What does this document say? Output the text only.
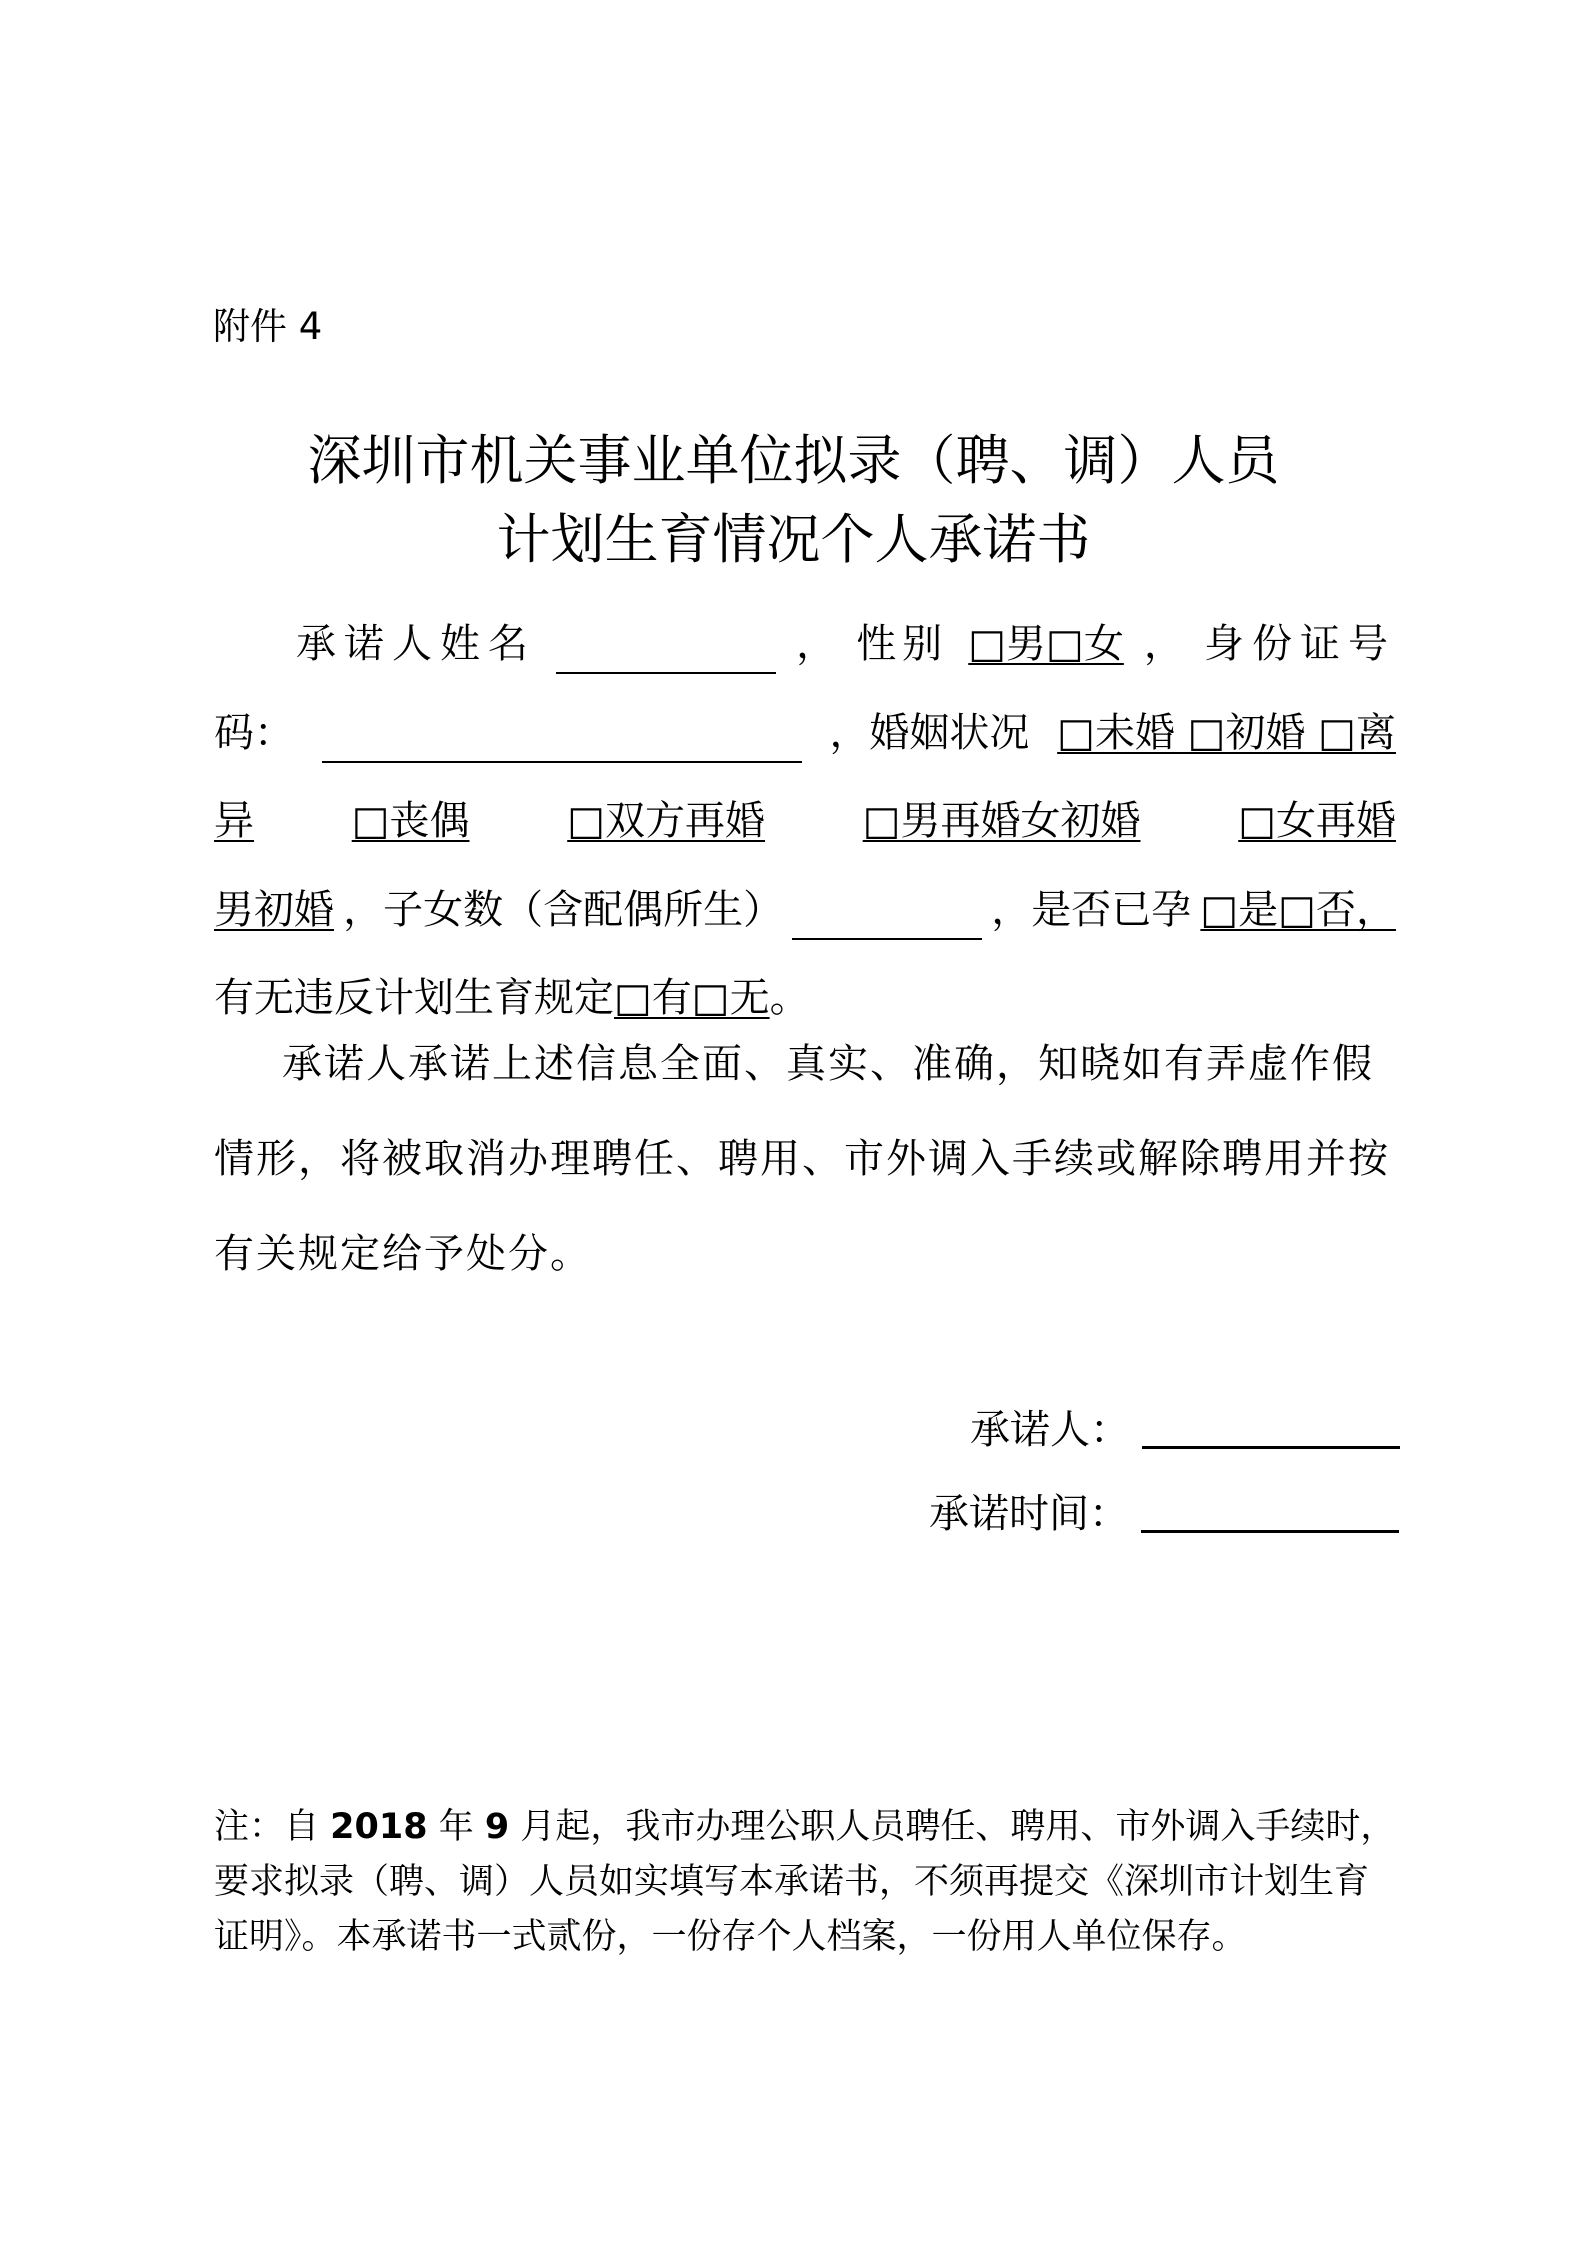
附件 4
深圳市机关事业单位拟录（聘、调）人员
计划生育情况个人承诺书
承诺人姓名	， 性别 □男□女 ， 身份证号
码：	，婚姻状况 □未婚 □初婚 □离
异 □丧偶 □双方再婚 □男再婚女初婚 □女再婚
男初婚 ，子女数（含配偶所生）	，是否已孕 □是□否，
有无违反计划生育规定 □有□无 。
承诺人承诺上述信息全面、真实、准确，知晓如有弄虚作假情形，将被取消办理聘任、聘用、市外调入手续或解除聘用并按有关规定给予处分。
承诺人：
承诺时间：
注：自 2018 年 9 月起，我市办理公职人员聘任、聘用、市外调入手续时，要求拟录（聘、调）人员如实填写本承诺书，不须再提交《深圳市计划生育证明》。本承诺书一式贰份，一份存个人档案，一份用人单位保存。
